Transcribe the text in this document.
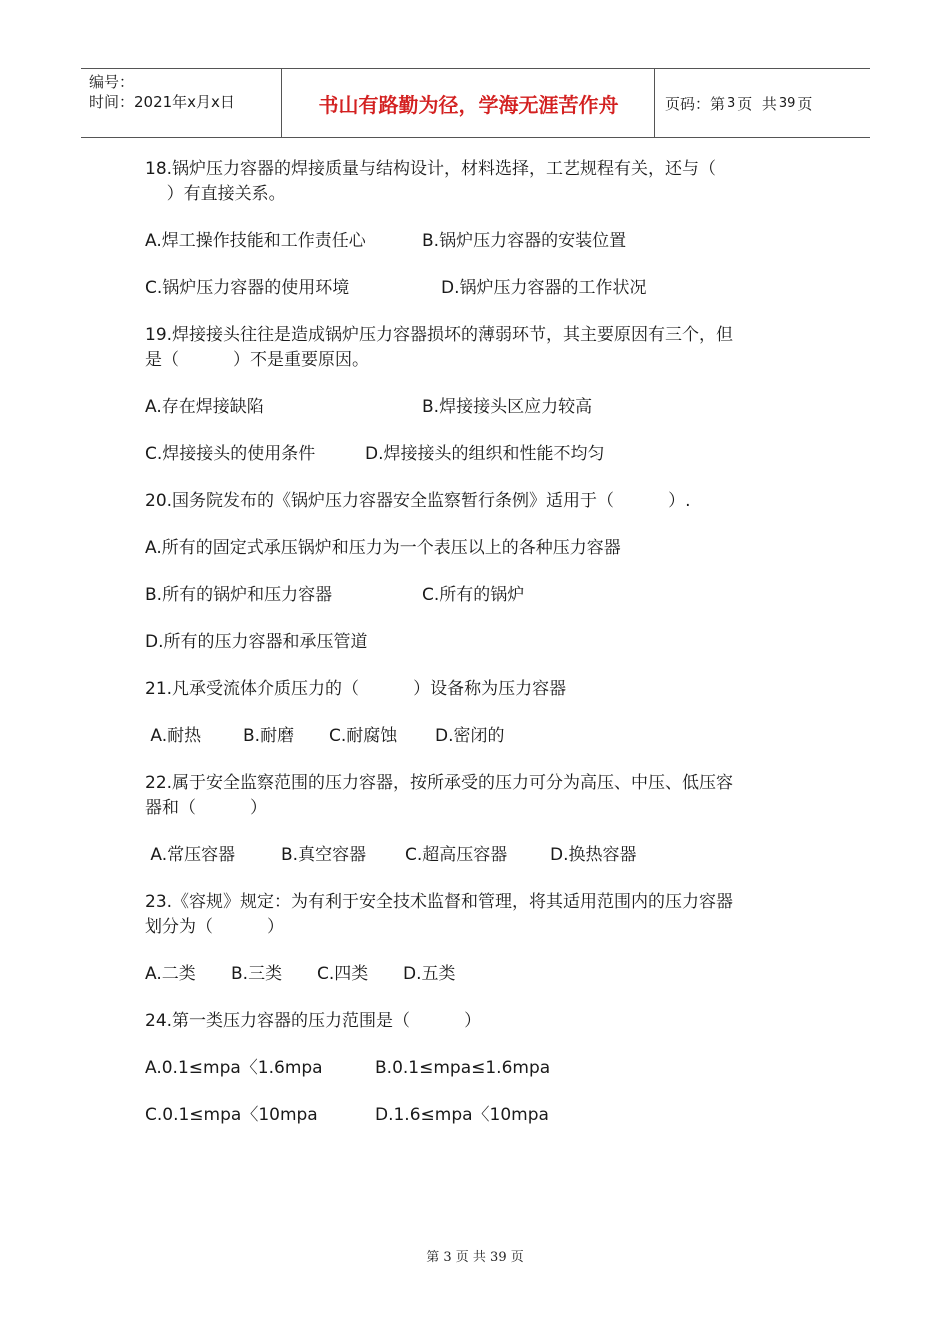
编号：
时间：2021年x月x日	书山有路勤为径，学海无涯苦作舟	页码：第 3 页  共 39 页
18.锅炉压力容器的焊接质量与结构设计，材料选择，工艺规程有关，还与（
）有直接关系。
A.焊工操作技能和工作责任心	B.锅炉压力容器的安装位置
C.锅炉压力容器的使用环境	D.锅炉压力容器的工作状况
19.焊接接头往往是造成锅炉压力容器损坏的薄弱环节，其主要原因有三个，但
是（          ）不是重要原因。
A.存在焊接缺陷	B.焊接接头区应力较高
C.焊接接头的使用条件	D.焊接接头的组织和性能不均匀
20.国务院发布的《锅炉压力容器安全监察暂行条例》适用于（          ）.
A.所有的固定式承压锅炉和压力为一个表压以上的各种压力容器
B.所有的锅炉和压力容器	C.所有的锅炉
D.所有的压力容器和承压管道
21.凡承受流体介质压力的（          ）设备称为压力容器
A.耐热 B.耐磨 C.耐腐蚀 D.密闭的
22.属于安全监察范围的压力容器，按所承受的压力可分为高压、中压、低压容
器和（          ）
A.常压容器	B.真空容器 C.超高压容器	D.换热容器
23.《容规》规定：为有利于安全技术监督和管理，将其适用范围内的压力容器
划分为（          ）
A.二类 B.三类 C.四类 D.五类
24.第一类压力容器的压力范围是（          ）
A.0.1≤mpa〈1.6mpa	B.0.1≤mpa≤1.6mpa
C.0.1≤mpa〈10mpa	D.1.6≤mpa〈10mpa
第 3 页 共 39 页
